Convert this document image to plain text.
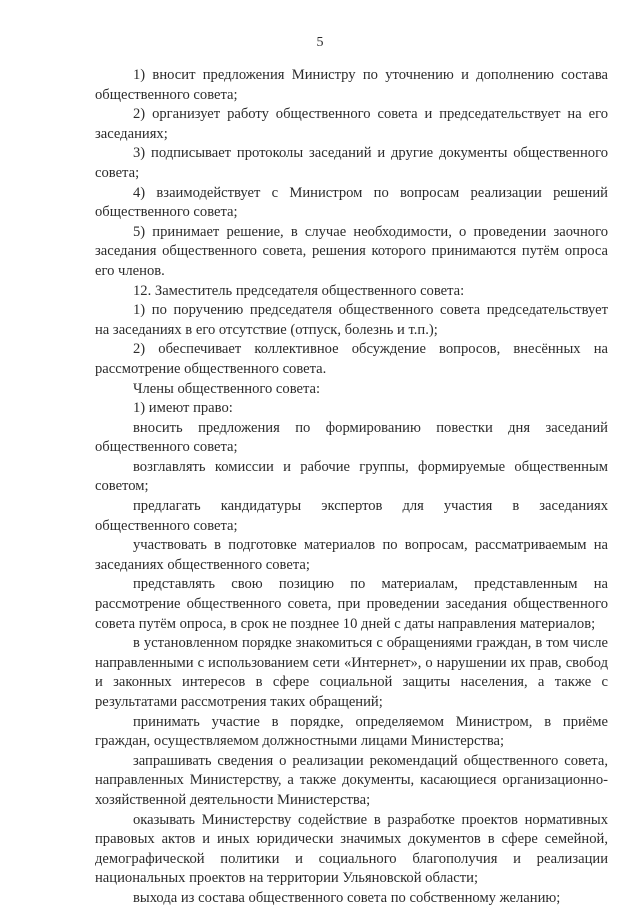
5

1) вносит предложения Министру по уточнению и дополнению состава общественного совета;

2) организует работу общественного совета и председательствует на его заседаниях;

3) подписывает протоколы заседаний и другие документы общественного совета;

4) взаимодействует с Министром по вопросам реализации решений общественного совета;

5) принимает решение, в случае необходимости, о проведении заочного заседания общественного совета, решения которого принимаются путём опроса его членов.

12. Заместитель председателя общественного совета:

1) по поручению председателя общественного совета председательствует на заседаниях в его отсутствие (отпуск, болезнь и т.п.);

2) обеспечивает коллективное обсуждение вопросов, внесённых на рассмотрение общественного совета.

Члены общественного совета:

1) имеют право:

вносить предложения по формированию повестки дня заседаний общественного совета;

возглавлять комиссии и рабочие группы, формируемые общественным советом;

предлагать кандидатуры экспертов для участия в заседаниях общественного совета;

участвовать в подготовке материалов по вопросам, рассматриваемым на заседаниях общественного совета;

представлять свою позицию по материалам, представленным на рассмотрение общественного совета, при проведении заседания общественного совета путём опроса, в срок не позднее 10 дней с даты направления материалов;

в установленном порядке знакомиться с обращениями граждан, в том числе направленными с использованием сети «Интернет», о нарушении их прав, свобод и законных интересов в сфере социальной защиты населения, а также с результатами рассмотрения таких обращений;

принимать участие в порядке, определяемом Министром, в приёме граждан, осуществляемом должностными лицами Министерства;

запрашивать сведения о реализации рекомендаций общественного совета, направленных Министерству, а также документы, касающиеся организационно-хозяйственной деятельности Министерства;

оказывать Министерству содействие в разработке проектов нормативных правовых актов и иных юридически значимых документов в сфере семейной, демографической политики и социального благополучия и реализации национальных проектов на территории Ульяновской области;

выхода из состава общественного совета по собственному желанию;
